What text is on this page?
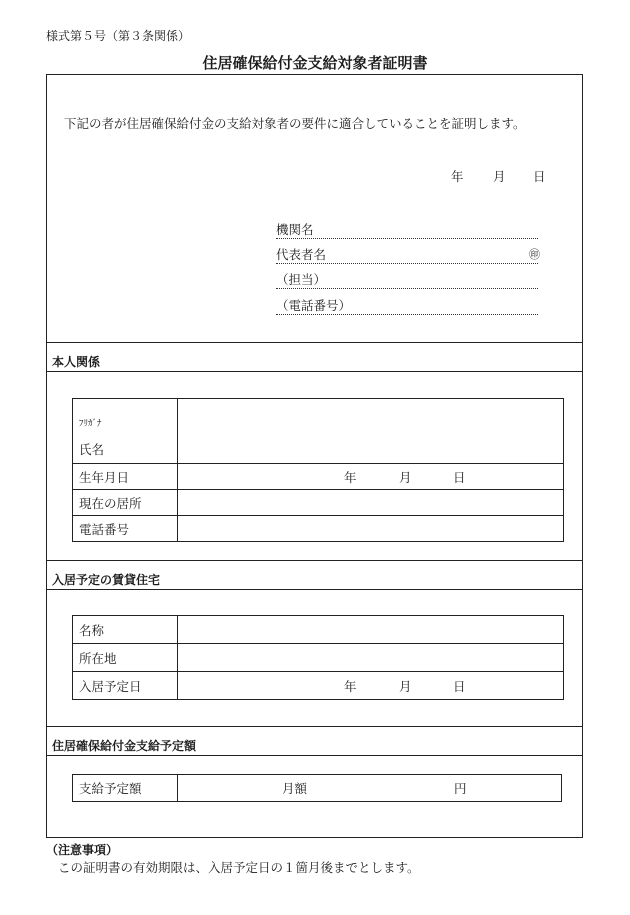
様式第５号（第３条関係）
住居確保給付金支給対象者証明書
下記の者が住居確保給付金の支給対象者の要件に適合していることを証明します。
年 月 日
機関名
代表者名	㊞
（担当）
（電話番号）
本人関係
ﾌﾘｶﾞﾅ
氏名	

生年月日	年 月 日

現在の居所	
電話番号	
入居予定の賃貸住宅
名称	
所在地	
入居予定日	年 月 日
住居確保給付金支給予定額
支給予定額	月額	円
（注意事項）
この証明書の有効期限は、入居予定日の１箇月後までとします。
